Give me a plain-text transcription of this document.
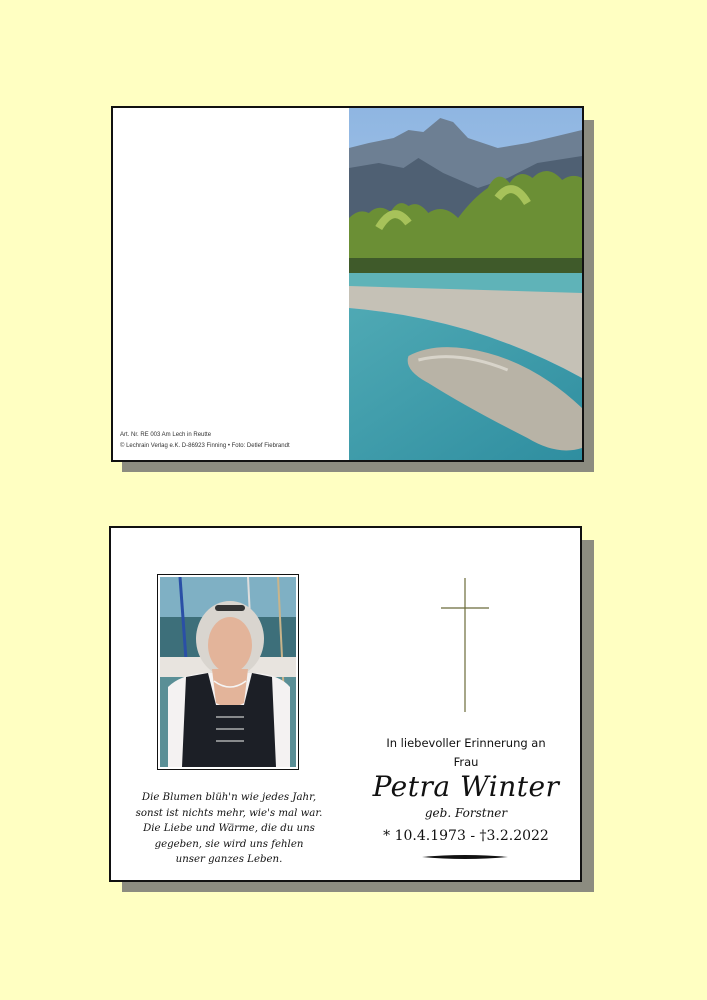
Art. Nr. RE 003 Am Lech in Reutte
© Lechrain Verlag e.K. D-86923 Finning • Foto: Detlef Fiebrandt
Die Blumen blüh'n wie jedes Jahr,
sonst ist nichts mehr, wie's mal war.
Die Liebe und Wärme, die du uns
gegeben, sie wird uns fehlen
unser ganzes Leben.
In liebevoller Erinnerung an
Frau
Petra Winter
geb. Forstner
* 10.4.1973 - †3.2.2022
